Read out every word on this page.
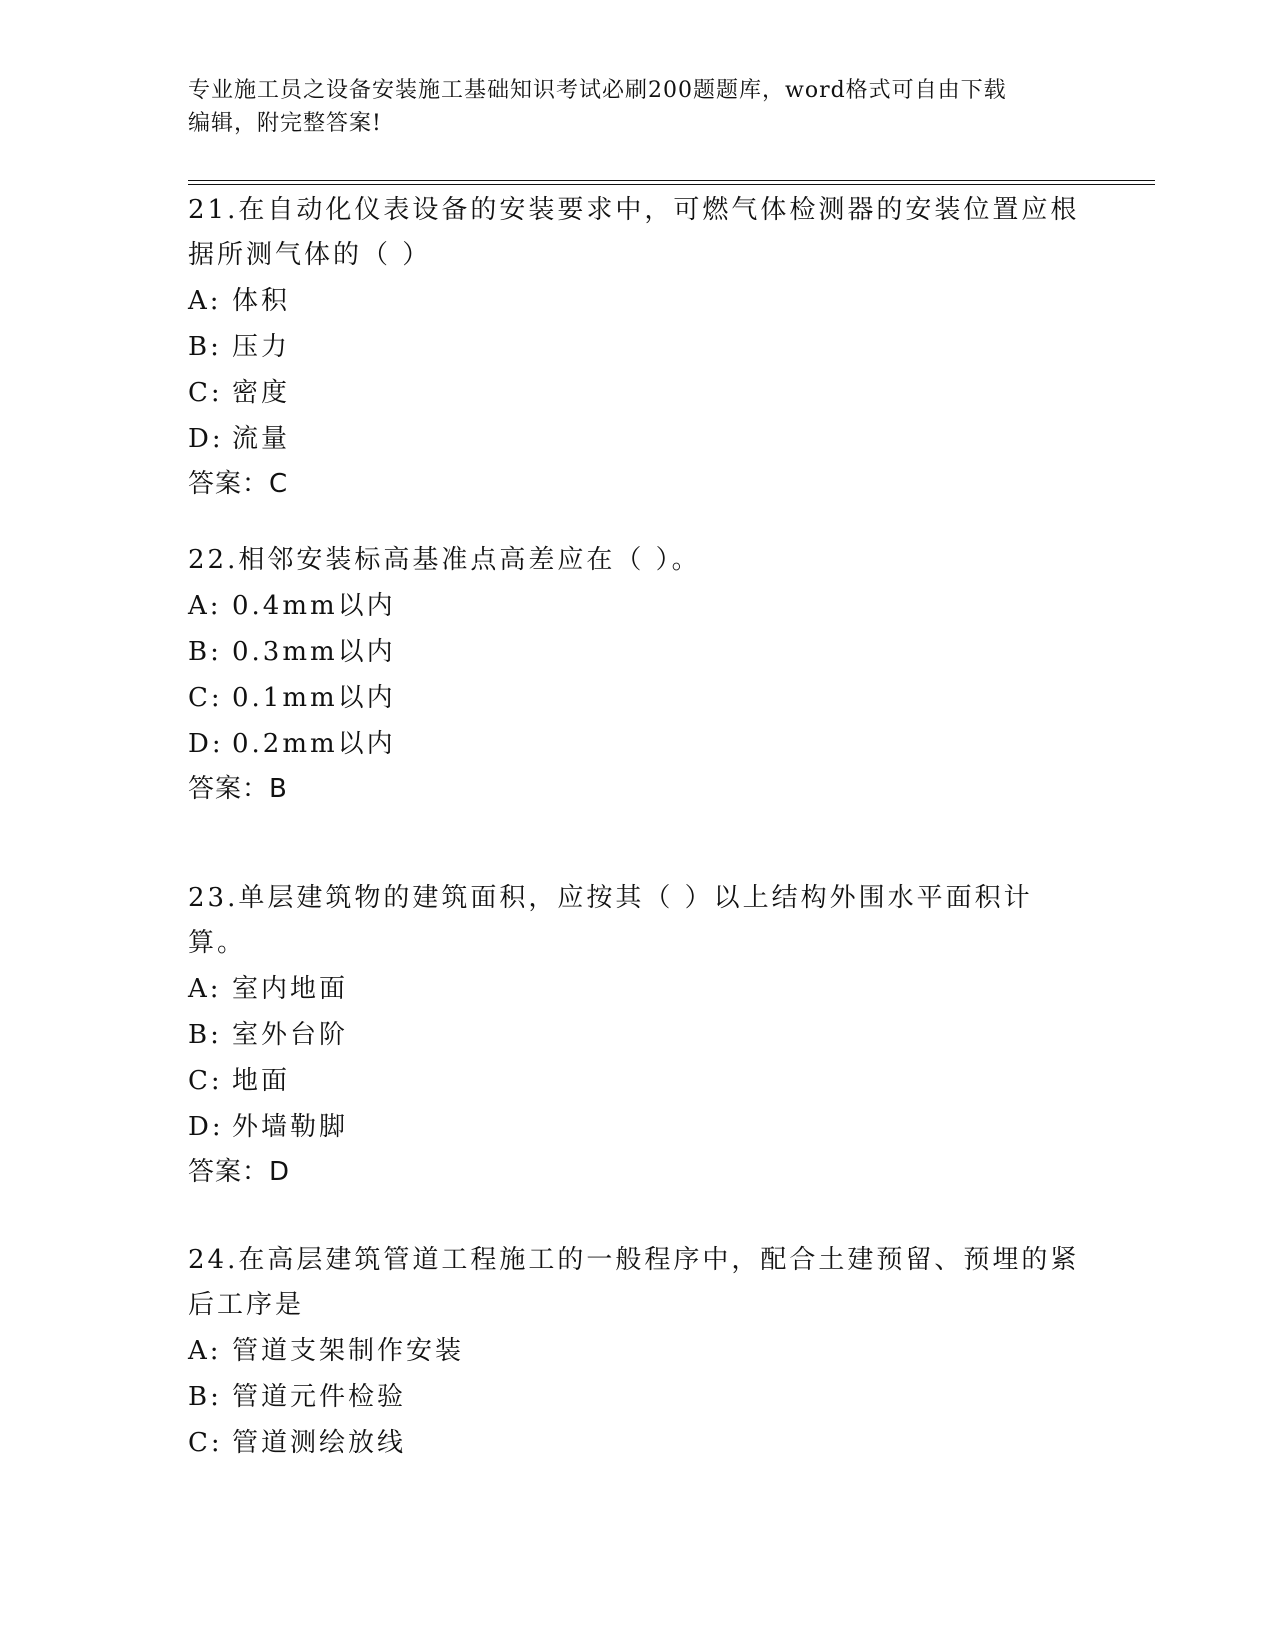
专业施工员之设备安装施工基础知识考试必刷200题题库，word格式可自由下载
编辑，附完整答案!

21.在自动化仪表设备的安装要求中，可燃气体检测器的安装位置应根据所测气体的（ ）

A: 体积
B: 压力
C: 密度
D: 流量
答案：C

22.相邻安装标高基准点高差应在（ ）。

A: 0.4mm以内
B: 0.3mm以内
C: 0.1mm以内
D: 0.2mm以内
答案：B

23.单层建筑物的建筑面积，应按其（ ）以上结构外围水平面积计算。

A: 室内地面
B: 室外台阶
C: 地面
D: 外墙勒脚
答案：D

24.在高层建筑管道工程施工的一般程序中，配合土建预留、预埋的紧后工序是

A: 管道支架制作安装
B: 管道元件检验
C: 管道测绘放线
